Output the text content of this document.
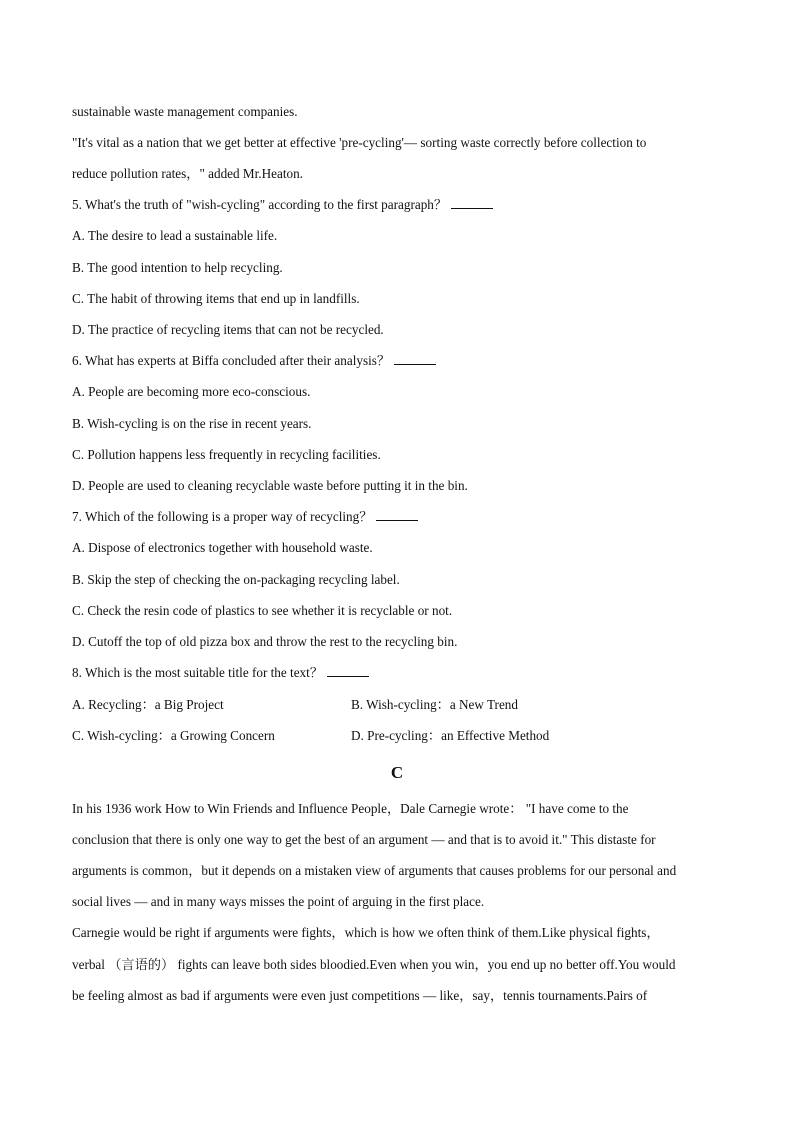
sustainable waste management companies.
"It's vital as a nation that we get better at effective 'pre-cycling'— sorting waste correctly before collection to
reduce pollution rates，" added Mr.Heaton.
5. What's the truth of "wish-cycling" according to the first paragraph？
A. The desire to lead a sustainable life.
B. The good intention to help recycling.
C. The habit of throwing items that end up in landfills.
D. The practice of recycling items that can not be recycled.
6. What has experts at Biffa concluded after their analysis？
A. People are becoming more eco-conscious.
B. Wish-cycling is on the rise in recent years.
C. Pollution happens less frequently in recycling facilities.
D. People are used to cleaning recyclable waste before putting it in the bin.
7. Which of the following is a proper way of recycling？
A. Dispose of electronics together with household waste.
B. Skip the step of checking the on-packaging recycling label.
C. Check the resin code of plastics to see whether it is recyclable or not.
D. Cutoff the top of old pizza box and throw the rest to the recycling bin.
8. Which is the most suitable title for the text？
A. Recycling：a Big Project	B. Wish-cycling：a New Trend
C. Wish-cycling：a Growing Concern	D. Pre-cycling：an Effective Method
C
In his 1936 work How to Win Friends and Influence People，Dale Carnegie wrote： "I have come to the
conclusion that there is only one way to get the best of an argument — and that is to avoid it." This distaste for
arguments is common，but it depends on a mistaken view of arguments that causes problems for our personal and
social lives — and in many ways misses the point of arguing in the first place.
Carnegie would be right if arguments were fights，which is how we often think of them.Like physical fights，
verbal （言语的） fights can leave both sides bloodied.Even when you win，you end up no better off.You would
be feeling almost as bad if arguments were even just competitions — like，say，tennis tournaments.Pairs of
